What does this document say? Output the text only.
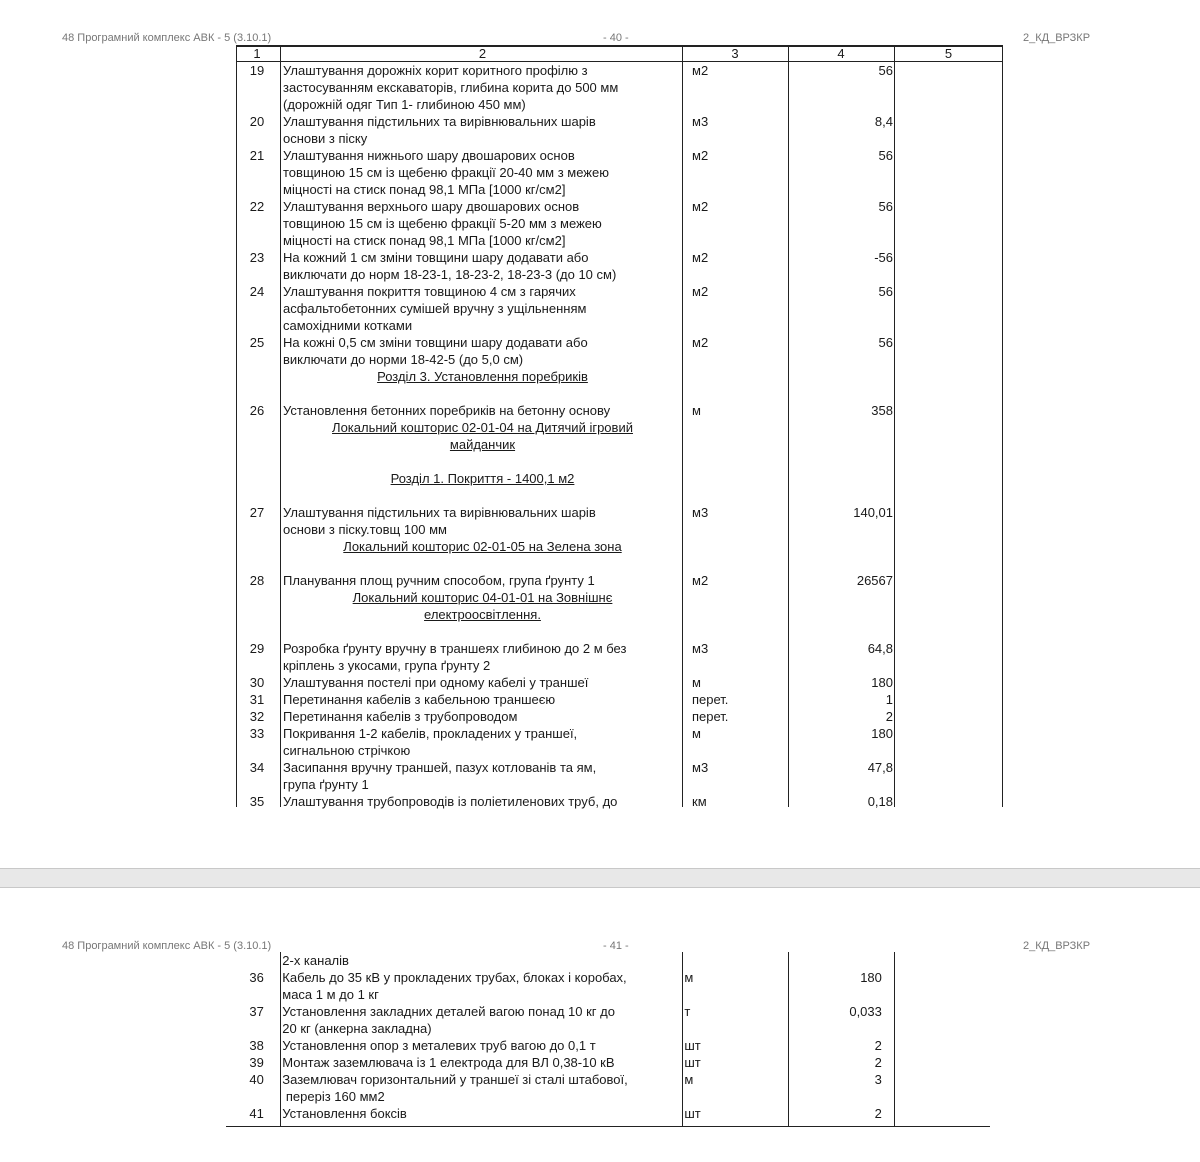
48 Програмний комплекс АВК - 5 (3.10.1)	- 40 -	2_КД_ВРЗКР
1	2	3	4	5
19	Улаштування дорожніх корит коритного профілю з
застосуванням екскаваторів, глибина корита до 500 мм
(дорожній одяг Тип 1- глибиною 450 мм)
м2	56
20	Улаштування підстильних та вирівнювальних шарів
основи з піску
м3	8,4
21	Улаштування нижнього шару двошарових основ
товщиною 15 см із щебеню фракції 20-40 мм з межею
міцності на стиск понад 98,1 МПа [1000 кг/см2]
м2	56
22	Улаштування верхнього шару двошарових основ
товщиною 15 см із щебеню фракції 5-20 мм з межею
міцності на стиск понад 98,1 МПа [1000 кг/см2]
м2	56
23	На кожний 1 см зміни товщини шару додавати або
виключати до норм 18-23-1, 18-23-2, 18-23-3 (до 10 см)
м2	-56
24	Улаштування покриття товщиною 4 см з гарячих
асфальтобетонних сумішей вручну з ущільненням
самохідними котками
м2	56
25	На кожні 0,5 см зміни товщини шару додавати або
виключати до норми 18-42-5 (до 5,0 см)
м2	56
Розділ 3. Установлення поребриків
26	Установлення бетонних поребриків на бетонну основу	м	358
Локальний кошторис 02-01-04 на Дитячий ігровий
майданчик
Розділ 1. Покриття - 1400,1 м2
27	Улаштування підстильних та вирівнювальних шарів
основи з піску.товщ 100 мм
м3	140,01
Локальний кошторис 02-01-05 на Зелена зона
28	Планування площ ручним способом, група ґрунту 1	м2	26567
Локальний кошторис 04-01-01 на Зовнішнє
електроосвітлення.
29	Розробка ґрунту вручну в траншеях глибиною до 2 м без
кріплень з укосами, група ґрунту 2
м3	64,8
30	Улаштування постелі при одному кабелі у траншеї	м	180
31	Перетинання кабелів з кабельною траншеєю	перет.	1
32	Перетинання кабелів з трубопроводом	перет.	2
33	Покривання 1-2 кабелів, прокладених у траншеї,
сигнальною стрічкою
м	180
34	Засипання вручну траншей, пазух котлованів та ям,
група ґрунту 1
м3	47,8
35	Улаштування трубопроводів із поліетиленових труб, до	км	0,18
48 Програмний комплекс АВК - 5 (3.10.1)	- 41 -	2_КД_ВРЗКР
2-х каналів
36	Кабель до 35 кВ у прокладених трубах, блоках і коробах,
маса 1 м до 1 кг
м	180
37	Установлення закладних деталей вагою понад 10 кг до
20 кг (анкерна закладна)
т	0,033
38	Установлення опор з металевих труб вагою до 0,1 т	шт	2
39	Монтаж заземлювача із 1 електрода для ВЛ 0,38-10 кВ	шт	2
40	Заземлювач горизонтальний у траншеї зі сталі штабової,
переріз 160 мм2
м	3
41	Установлення боксів	шт	2
